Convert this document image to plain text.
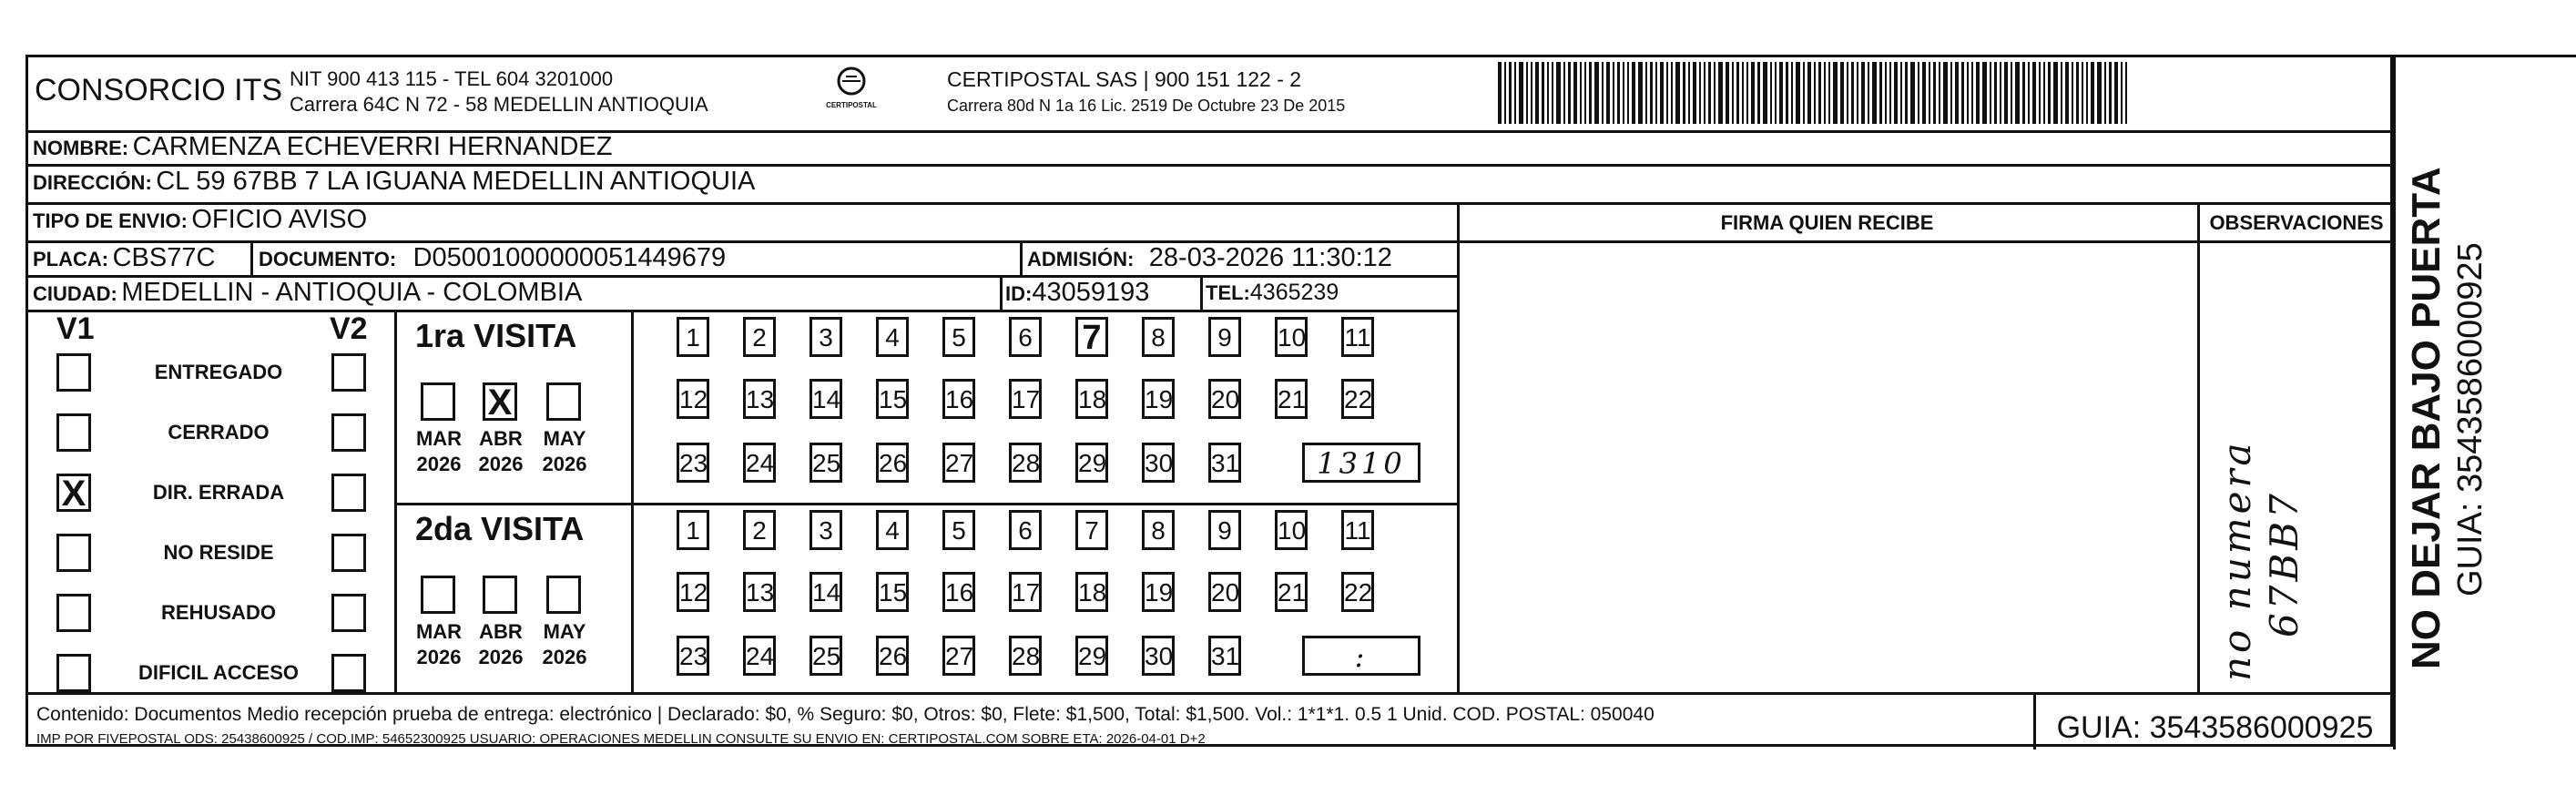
CONSORCIO ITS NIT 900 413 115 - TEL 604 3201000
Carrera 64C N 72 - 58 MEDELLIN ANTIOQUIA	CERTIPOSTAL
CERTIPOSTAL SAS | 900 151 122 - 2
Carrera 80d N 1a 16 Lic. 2519 De Octubre 23 De 2015
NOMBRE: CARMENZA ECHEVERRI HERNANDEZ
DIRECCIÓN: CL 59 67BB 7 LA IGUANA MEDELLIN ANTIOQUIA
TIPO DE ENVIO: OFICIO AVISO	FIRMA QUIEN RECIBE	OBSERVACIONES
PLACA: CBS77C DOCUMENTO: D05001000000051449679	ADMISIÓN: 28-03-2026 11:30:12
CIUDAD: MEDELLIN - ANTIOQUIA - COLOMBIA	ID:43059193	TEL:4365239
V1	V2
ENTREGADO
CERRADO
X	DIR. ERRADA
NO RESIDE
REHUSADO
DIFICIL ACCESO
1ra VISITA
MAR
2026
X
ABR
2026
MAY
2026
1	2	3	4	5	6 7	8	9	10 11
12 13 14 15 16 17 18 19 20 21 22
23 24 25 26 27 28 29 30 31	1310
2da VISITA
MAR
2026
ABR
2026
MAY
2026
1	2	3	4	5	6	7	8	9	10 11
12 13 14 15 16 17 18 19 20 21 22
23 24 25 26 27 28 29 30 31	:	no numera 67BB7 NO DEJAR BAJO PUERTA GUIA: 3543586000925
Contenido: Documentos Medio recepción prueba de entrega: electrónico | Declarado: $0, % Seguro: $0, Otros: $0, Flete: $1,500, Total: $1,500. Vol.: 1*1*1. 0.5 1 Unid. COD. POSTAL: 050040
IMP POR FIVEPOSTAL ODS: 25438600925 / COD.IMP: 54652300925 USUARIO: OPERACIONES MEDELLIN CONSULTE SU ENVIO EN: CERTIPOSTAL.COM SOBRE ETA: 2026-04-01 D+2	GUIA: 3543586000925
